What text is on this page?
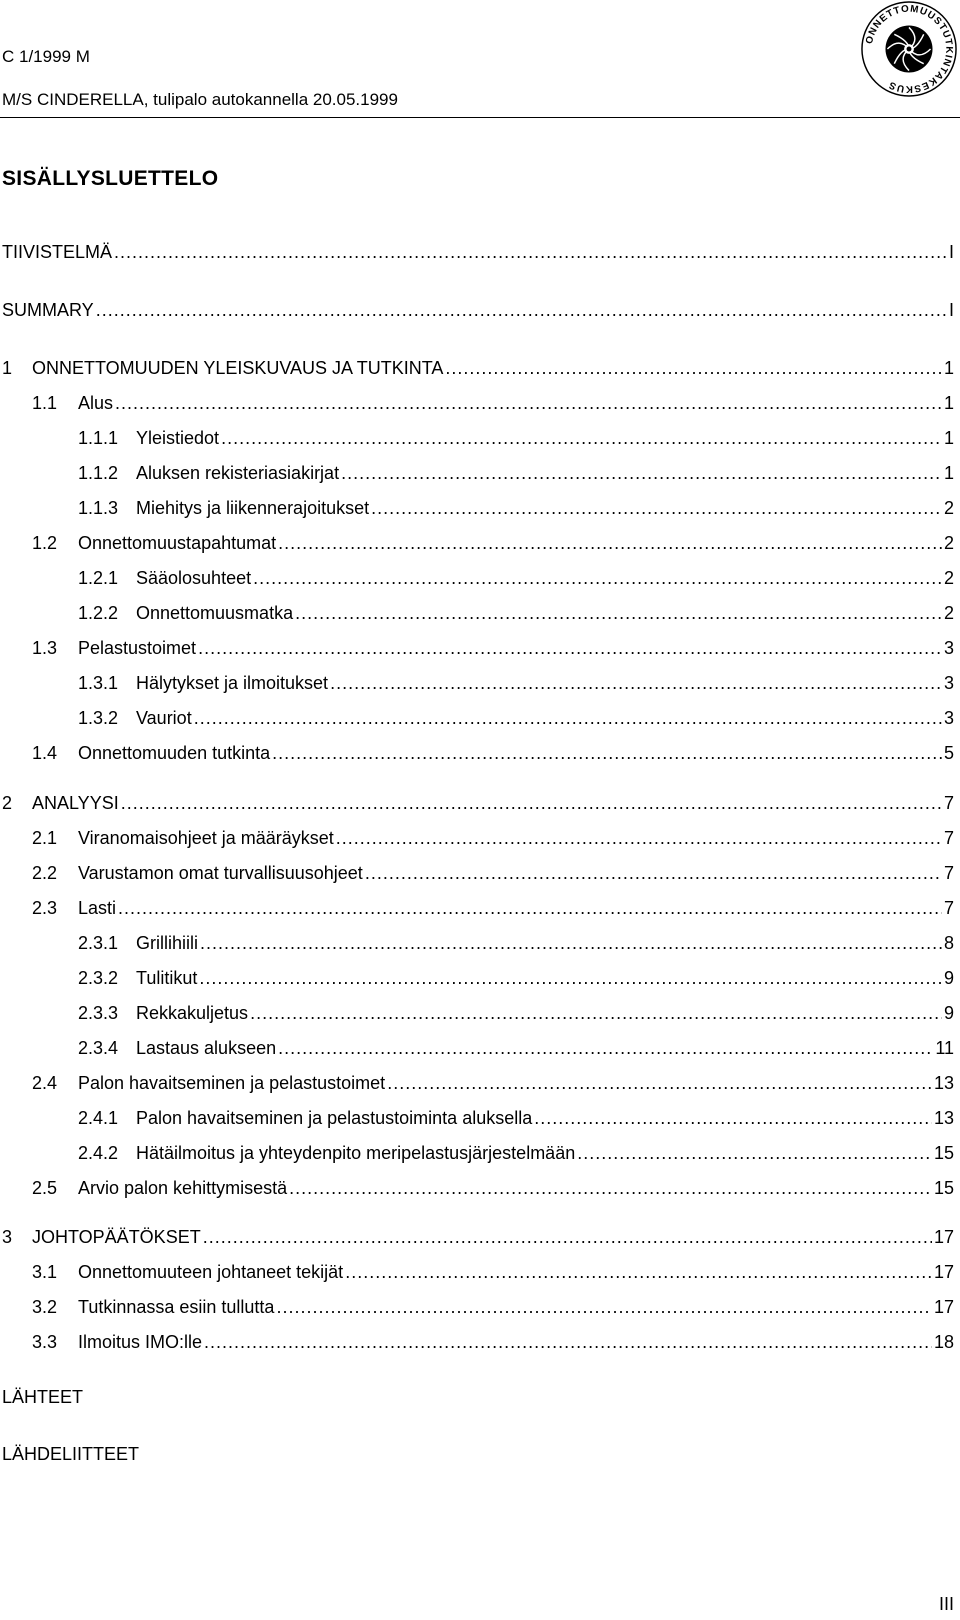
C 1/1999 M
M/S CINDERELLA, tulipalo autokannella 20.05.1999
ONNETTOMUUSTUTKINTAKESKUS
SISÄLLYSLUETTELO
TIIVISTELMÄ .....	I
SUMMARY .....	I
1	ONNETTOMUUDEN YLEISKUVAUS JA TUTKINTA .....	1
1.1	Alus .....	1
1.1.1 Yleistiedot .....	1
1.1.2 Aluksen rekisteriasiakirjat .....	1
1.1.3 Miehitys ja liikennerajoitukset .....	2
1.2	Onnettomuustapahtumat .....	2
1.2.1 Sääolosuhteet .....	2
1.2.2 Onnettomuusmatka .....	2
1.3	Pelastustoimet .....	3
1.3.1 Hälytykset ja ilmoitukset .....	3
1.3.2 Vauriot .....	3
1.4	Onnettomuuden tutkinta .....	5
2	ANALYYSI .....	7
2.1	Viranomaisohjeet ja määräykset .....	7
2.2	Varustamon omat turvallisuusohjeet .....	7
2.3	Lasti .....	7
2.3.1 Grillihiili .....	8
2.3.2 Tulitikut .....	9
2.3.3 Rekkakuljetus .....	9
2.3.4 Lastaus alukseen .....	11
2.4	Palon havaitseminen ja pelastustoimet .....	13
2.4.1 Palon havaitseminen ja pelastustoiminta aluksella .....	13
2.4.2 Hätäilmoitus ja yhteydenpito meripelastusjärjestelmään .....	15
2.5	Arvio palon kehittymisestä .....	15
3	JOHTOPÄÄTÖKSET .....	17
3.1	Onnettomuuteen johtaneet tekijät .....	17
3.2	Tutkinnassa esiin tullutta .....	17
3.3	Ilmoitus IMO:lle .....	18
LÄHTEET
LÄHDELIITTEET
III
